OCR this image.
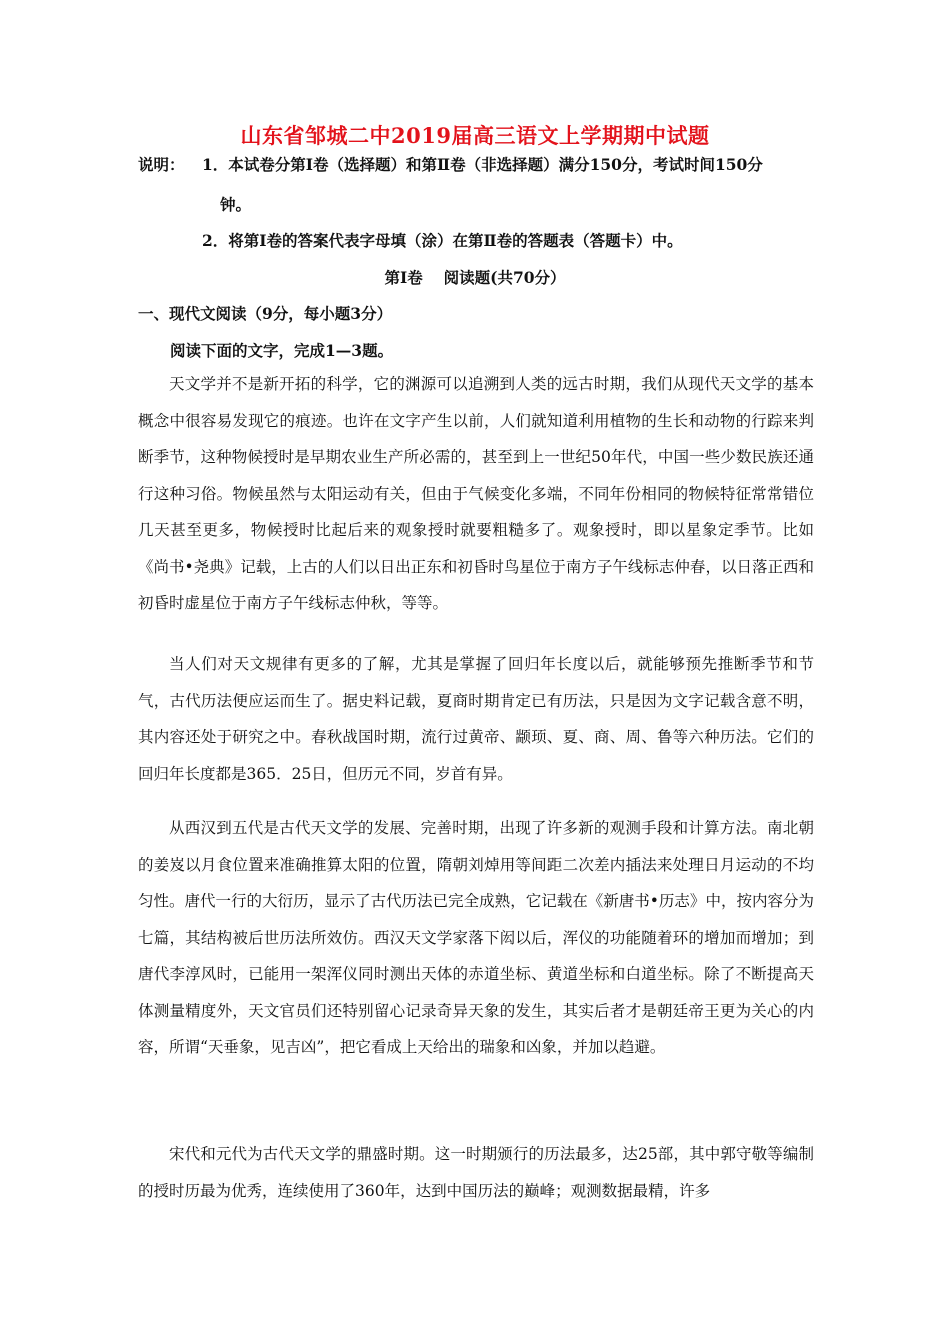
山东省邹城二中2019届高三语文上学期期中试题
说明： 1．本试卷分第Ⅰ卷（选择题）和第Ⅱ卷（非选择题）满分150分，考试时间150分
钟。
2．将第Ⅰ卷的答案代表字母填（涂）在第Ⅱ卷的答题表（答题卡）中。
第Ⅰ卷　 阅读题(共70分）
一、现代文阅读（9分，每小题3分）
阅读下面的文字，完成1—3题。
天文学并不是新开拓的科学，它的渊源可以追溯到人类的远古时期，我们从现代天文学的基本概念中很容易发现它的痕迹。也许在文字产生以前，人们就知道利用植物的生长和动物的行踪来判断季节，这种物候授时是早期农业生产所必需的，甚至到上一世纪50年代，中国一些少数民族还通行这种习俗。物候虽然与太阳运动有关，但由于气候变化多端，不同年份相同的物候特征常常错位几天甚至更多，物候授时比起后来的观象授时就要粗糙多了。观象授时，即以星象定季节。比如《尚书•尧典》记载，上古的人们以日出正东和初昏时鸟星位于南方子午线标志仲春，以日落正西和初昏时虚星位于南方子午线标志仲秋，等等。
当人们对天文规律有更多的了解，尤其是掌握了回归年长度以后，就能够预先推断季节和节气，古代历法便应运而生了。据史料记载，夏商时期肯定已有历法，只是因为文字记载含意不明，其内容还处于研究之中。春秋战国时期，流行过黄帝、颛顼、夏、商、周、鲁等六种历法。它们的回归年长度都是365．25日，但历元不同，岁首有异。
从西汉到五代是古代天文学的发展、完善时期，出现了许多新的观测手段和计算方法。南北朝的姜岌以月食位置来准确推算太阳的位置，隋朝刘焯用等间距二次差内插法来处理日月运动的不均匀性。唐代一行的大衍历，显示了古代历法已完全成熟，它记载在《新唐书•历志》中，按内容分为七篇，其结构被后世历法所效仿。西汉天文学家落下闳以后，浑仪的功能随着环的增加而增加；到唐代李淳风时，已能用一架浑仪同时测出天体的赤道坐标、黄道坐标和白道坐标。除了不断提高天体测量精度外，天文官员们还特别留心记录奇异天象的发生，其实后者才是朝廷帝王更为关心的内容，所谓“天垂象，见吉凶”，把它看成上天给出的瑞象和凶象，并加以趋避。
宋代和元代为古代天文学的鼎盛时期。这一时期颁行的历法最多，达25部，其中郭守敬等编制的授时历最为优秀，连续使用了360年，达到中国历法的巅峰；观测数据最精，许多
